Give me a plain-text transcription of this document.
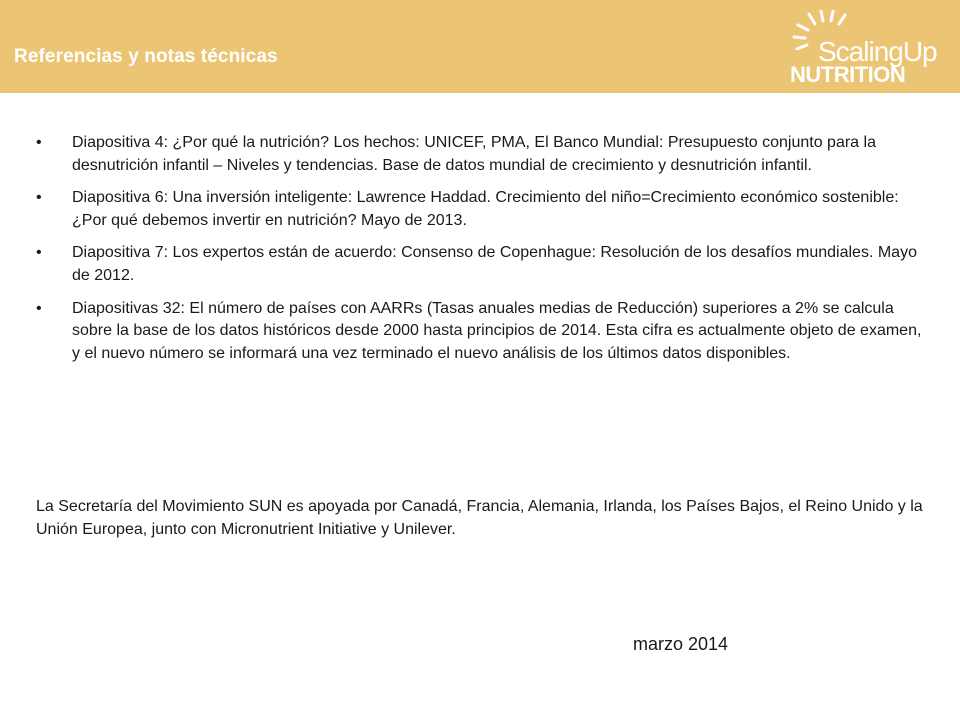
Referencias y notas técnicas	ScalingUp
NUTRITION
• Diapositiva 4: ¿Por qué la nutrición? Los hechos: UNICEF, PMA, El Banco Mundial: Presupuesto conjunto para la desnutrición infantil – Niveles y tendencias. Base de datos mundial de crecimiento y desnutrición infantil.
• Diapositiva 6: Una inversión inteligente: Lawrence Haddad. Crecimiento del niño=Crecimiento económico sostenible: ¿Por qué debemos invertir en nutrición? Mayo de 2013.
• Diapositiva 7: Los expertos están de acuerdo: Consenso de Copenhague: Resolución de los desafíos mundiales. Mayo de 2012.
• Diapositivas 32: El número de países con AARRs (Tasas anuales medias de Reducción) superiores a 2% se calcula sobre la base de los datos históricos desde 2000 hasta principios de 2014. Esta cifra es actualmente objeto de examen, y el nuevo número se informará una vez terminado el nuevo análisis de los últimos datos disponibles.

La Secretaría del Movimiento SUN es apoyada por Canadá, Francia, Alemania, Irlanda, los Países Bajos, el Reino Unido y la Unión Europea, junto con Micronutrient Initiative y Unilever.

marzo 2014
